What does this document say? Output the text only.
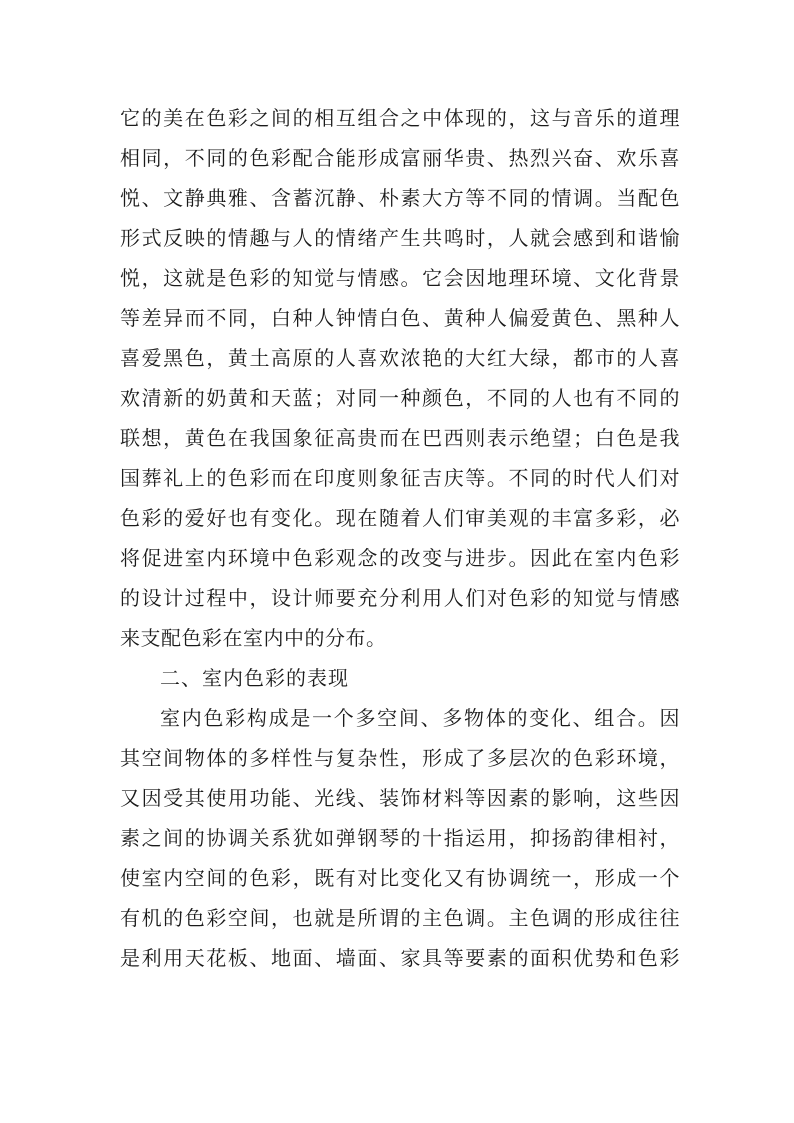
它的美在色彩之间的相互组合之中体现的，这与音乐的道理

相同，不同的色彩配合能形成富丽华贵、热烈兴奋、欢乐喜

悦、文静典雅、含蓄沉静、朴素大方等不同的情调。当配色

形式反映的情趣与人的情绪产生共鸣时，人就会感到和谐愉

悦，这就是色彩的知觉与情感。它会因地理环境、文化背景

等差异而不同，白种人钟情白色、黄种人偏爱黄色、黑种人

喜爱黑色，黄土高原的人喜欢浓艳的大红大绿，都市的人喜

欢清新的奶黄和天蓝；对同一种颜色，不同的人也有不同的

联想，黄色在我国象征高贵而在巴西则表示绝望；白色是我

国葬礼上的色彩而在印度则象征吉庆等。不同的时代人们对

色彩的爱好也有变化。现在随着人们审美观的丰富多彩，必

将促进室内环境中色彩观念的改变与进步。因此在室内色彩

的设计过程中，设计师要充分利用人们对色彩的知觉与情感

来支配色彩在室内中的分布。

二、室内色彩的表现

室内色彩构成是一个多空间、多物体的变化、组合。因

其空间物体的多样性与复杂性，形成了多层次的色彩环境，

又因受其使用功能、光线、装饰材料等因素的影响，这些因

素之间的协调关系犹如弹钢琴的十指运用，抑扬韵律相衬，

使室内空间的色彩，既有对比变化又有协调统一，形成一个

有机的色彩空间，也就是所谓的主色调。主色调的形成往往

是利用天花板、地面、墙面、家具等要素的面积优势和色彩
